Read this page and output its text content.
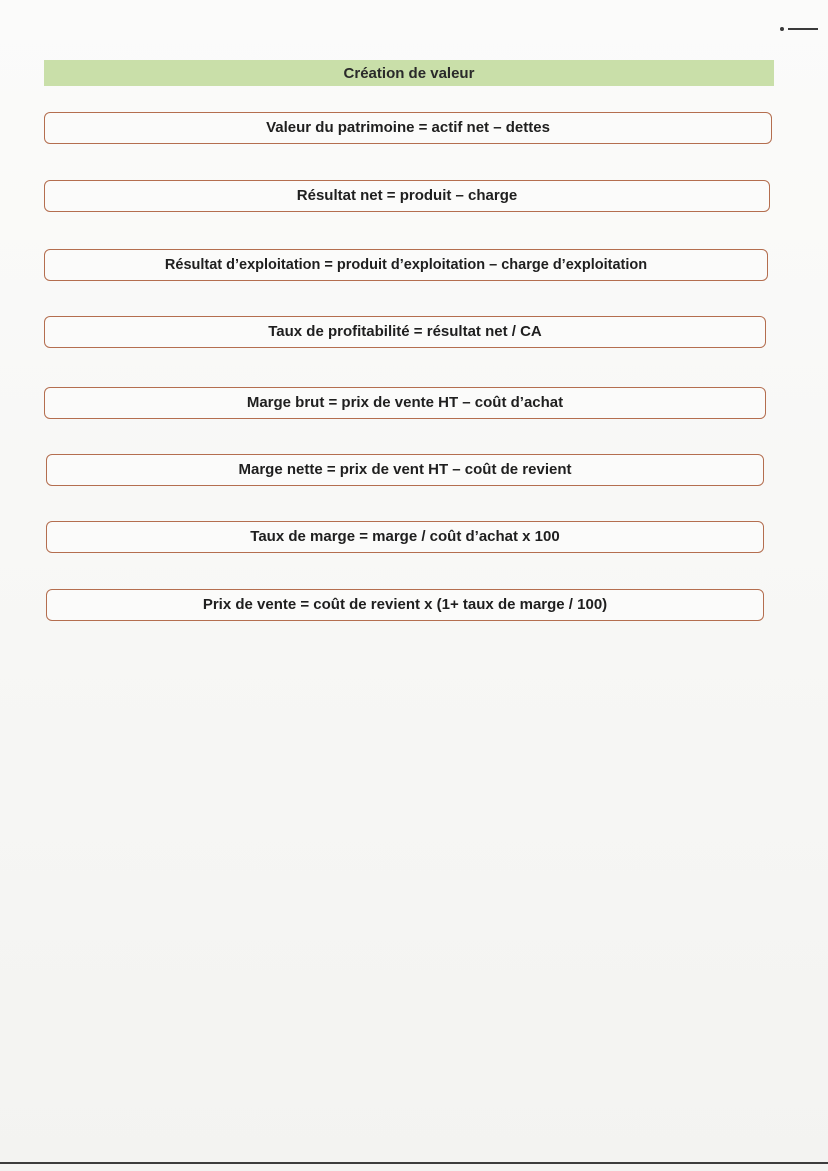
Création de valeur
Valeur du patrimoine = actif net – dettes
Résultat net = produit – charge
Résultat d’exploitation = produit d’exploitation – charge d’exploitation
Taux de profitabilité = résultat net / CA
Marge brut = prix de vente HT – coût d’achat
Marge nette = prix de vent HT – coût de revient
Taux de marge = marge / coût d’achat x 100
Prix de vente = coût de revient x (1+ taux de marge / 100)
